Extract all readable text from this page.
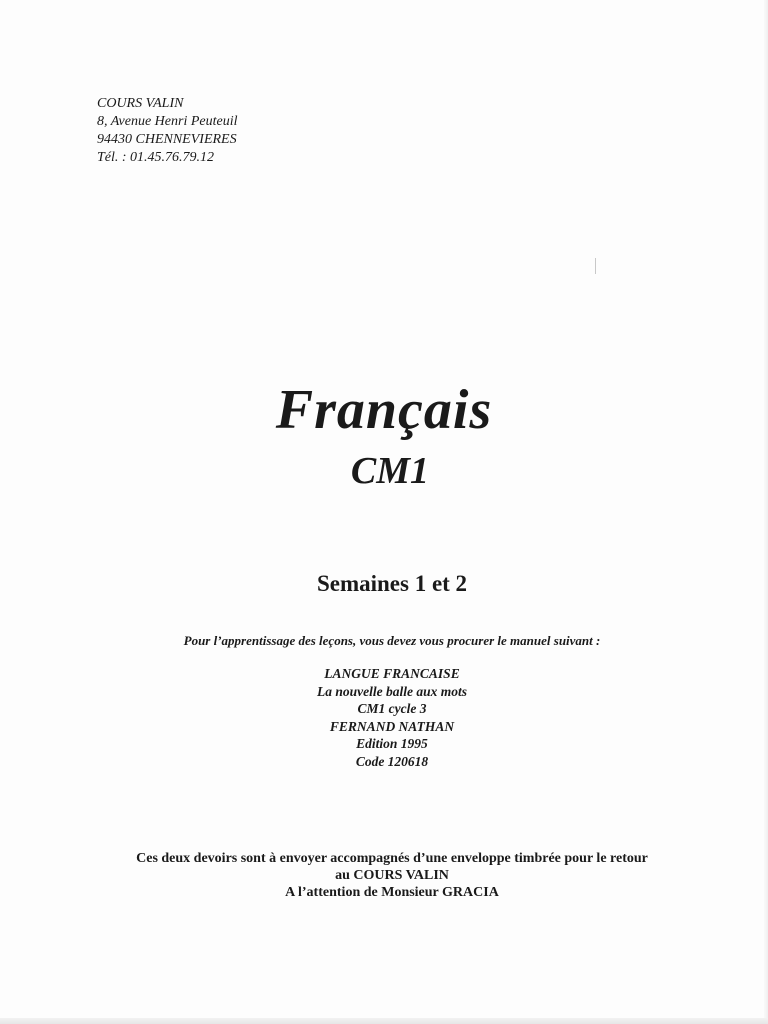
COURS VALIN
8, Avenue Henri Peuteuil
94430 CHENNEVIERES
Tél. : 01.45.76.79.12
Français
CM1
Semaines 1 et 2
Pour l’apprentissage des leçons, vous devez vous procurer le manuel suivant :
LANGUE FRANCAISE
La nouvelle balle aux mots
CM1 cycle 3
FERNAND NATHAN
Edition 1995
Code 120618
Ces deux devoirs sont à envoyer accompagnés d’une enveloppe timbrée pour le retour
au COURS VALIN
A l’attention de Monsieur GRACIA
